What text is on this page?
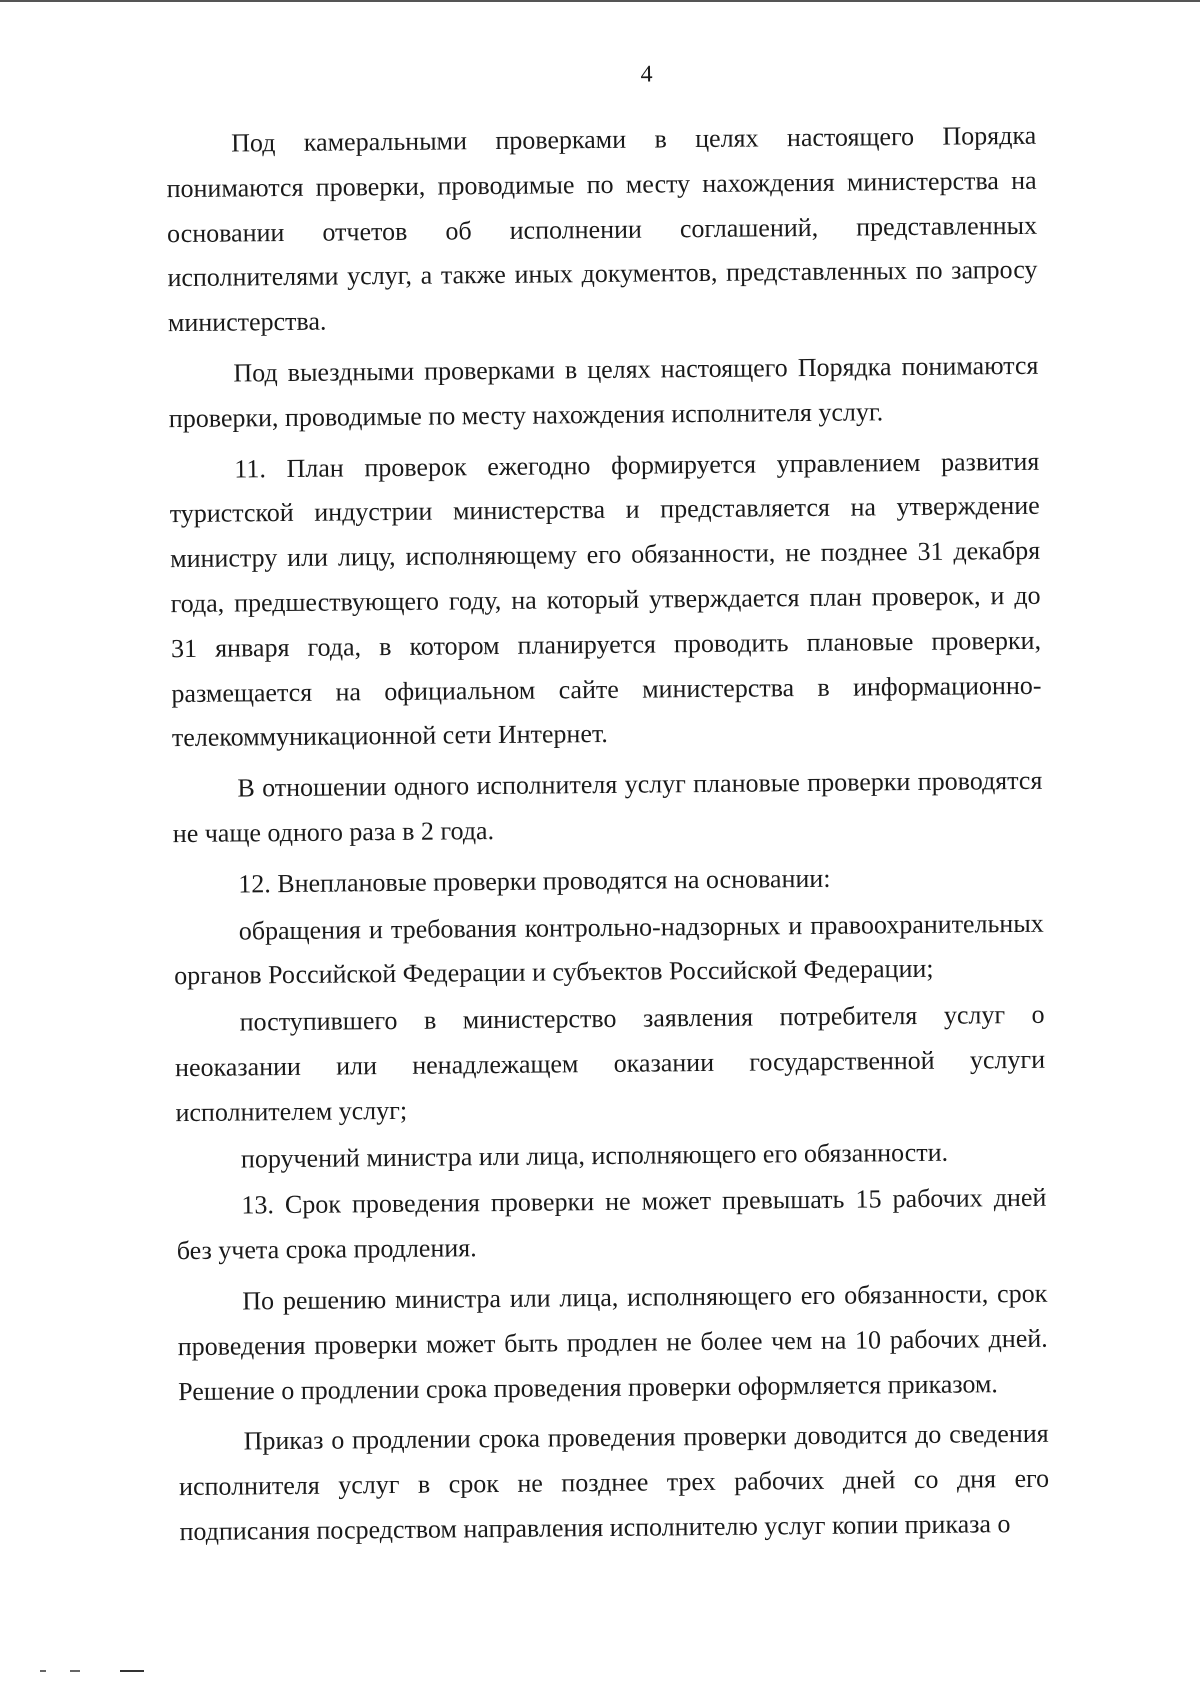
4

Под камеральными проверками в целях настоящего Порядка понимаются проверки, проводимые по месту нахождения министерства на основании отчетов об исполнении соглашений, представленных исполнителями услуг, а также иных документов, представленных по запросу министерства.

Под выездными проверками в целях настоящего Порядка понимаются проверки, проводимые по месту нахождения исполнителя услуг.

11. План проверок ежегодно формируется управлением развития туристской индустрии министерства и представляется на утверждение министру или лицу, исполняющему его обязанности, не позднее 31 декабря года, предшествующего году, на который утверждается план проверок, и до 31 января года, в котором планируется проводить плановые проверки, размещается на официальном сайте министерства в информационно-телекоммуникационной сети Интернет.

В отношении одного исполнителя услуг плановые проверки проводятся не чаще одного раза в 2 года.

12. Внеплановые проверки проводятся на основании:

обращения и требования контрольно-надзорных и правоохранительных органов Российской Федерации и субъектов Российской Федерации;

поступившего в министерство заявления потребителя услуг о неоказании или ненадлежащем оказании государственной услуги исполнителем услуг;

поручений министра или лица, исполняющего его обязанности.

13. Срок проведения проверки не может превышать 15 рабочих дней без учета срока продления.

По решению министра или лица, исполняющего его обязанности, срок проведения проверки может быть продлен не более чем на 10 рабочих дней. Решение о продлении срока проведения проверки оформляется приказом.

Приказ о продлении срока проведения проверки доводится до сведения исполнителя услуг в срок не позднее трех рабочих дней со дня его подписания посредством направления исполнителю услуг копии приказа о
